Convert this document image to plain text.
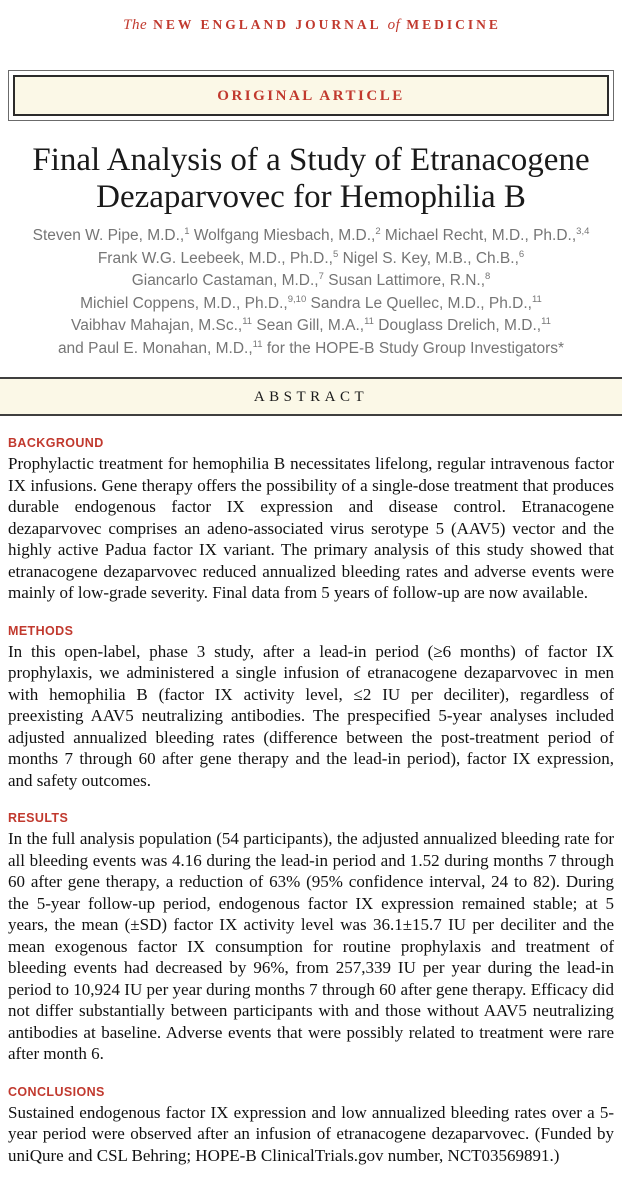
The NEW ENGLAND JOURNAL of MEDICINE
ORIGINAL ARTICLE
Final Analysis of a Study of Etranacogene
Dezaparvovec for Hemophilia B
Steven W. Pipe, M.D.,$^1$ Wolfgang Miesbach, M.D.,$^2$ Michael Recht, M.D., Ph.D.,$^{3,4}$
Frank W.G. Leebeek, M.D., Ph.D.,$^5$ Nigel S. Key, M.B., Ch.B.,$^6$
Giancarlo Castaman, M.D.,$^7$ Susan Lattimore, R.N.,$^8$
Michiel Coppens, M.D., Ph.D.,$^{9,10}$ Sandra Le Quellec, M.D., Ph.D.,$^{11}$
Vaibhav Mahajan, M.Sc.,$^{11}$ Sean Gill, M.A.,$^{11}$ Douglass Drelich, M.D.,$^{11}$
and Paul E. Monahan, M.D.,$^{11}$ for the HOPE-B Study Group Investigators*
ABSTRACT
BACKGROUND

Prophylactic treatment for hemophilia B necessitates lifelong, regular intravenous factor IX infusions. Gene therapy offers the possibility of a single-dose treatment that produces durable endogenous factor IX expression and disease control. Etranacogene dezaparvovec comprises an adeno-associated virus serotype 5 (AAV5) vector and the highly active Padua factor IX variant. The primary analysis of this study showed that etranacogene dezaparvovec reduced annualized bleeding rates and adverse events were mainly of low-grade severity. Final data from 5 years of follow-up are now available.

METHODS

In this open-label, phase 3 study, after a lead-in period (≥6 months) of factor IX prophylaxis, we administered a single infusion of etranacogene dezaparvovec in men with hemophilia B (factor IX activity level, ≤2 IU per deciliter), regardless of preexisting AAV5 neutralizing antibodies. The prespecified 5-year analyses included adjusted annualized bleeding rates (difference between the post-treatment period of months 7 through 60 after gene therapy and the lead-in period), factor IX expression, and safety outcomes.

RESULTS

In the full analysis population (54 participants), the adjusted annualized bleeding rate for all bleeding events was 4.16 during the lead-in period and 1.52 during months 7 through 60 after gene therapy, a reduction of 63% (95% confidence interval, 24 to 82). During the 5-year follow-up period, endogenous factor IX expression remained stable; at 5 years, the mean (±SD) factor IX activity level was 36.1±15.7 IU per deciliter and the mean exogenous factor IX consumption for routine prophylaxis and treatment of bleeding events had decreased by 96%, from 257,339 IU per year during the lead-in period to 10,924 IU per year during months 7 through 60 after gene therapy. Efficacy did not differ substantially between participants with and those without AAV5 neutralizing antibodies at baseline. Adverse events that were possibly related to treatment were rare after month 6.

CONCLUSIONS

Sustained endogenous factor IX expression and low annualized bleeding rates over a 5-year period were observed after an infusion of etranacogene dezaparvovec. (Funded by uniQure and CSL Behring; HOPE-B ClinicalTrials.gov number, NCT03569891.)
